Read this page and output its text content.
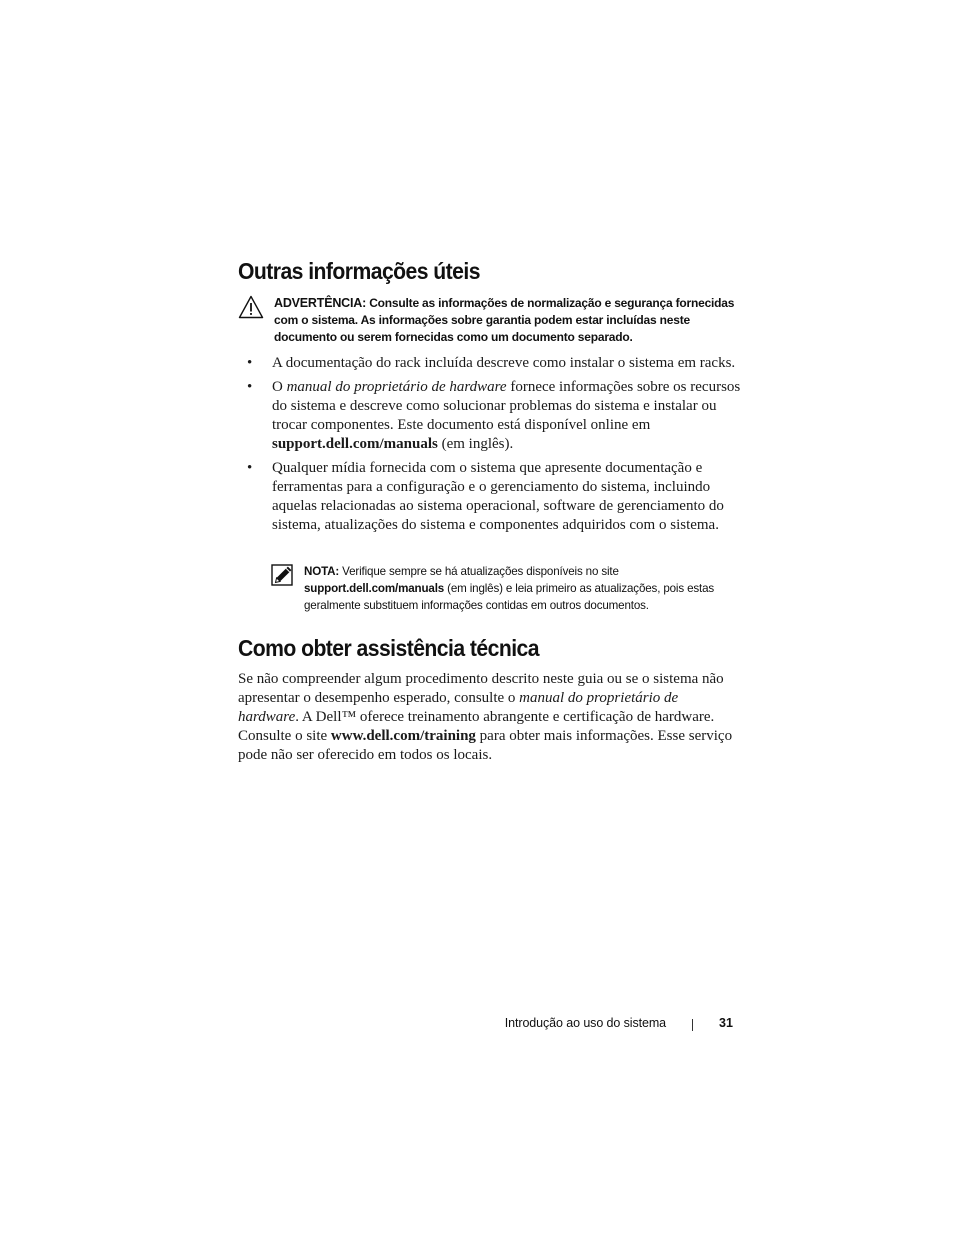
Outras informações úteis
ADVERTÊNCIA: Consulte as informações de normalização e segurança fornecidas com o sistema. As informações sobre garantia podem estar incluídas neste documento ou serem fornecidas como um documento separado.
• A documentação do rack incluída descreve como instalar o sistema em racks.
• O manual do proprietário de hardware fornece informações sobre os recursos do sistema e descreve como solucionar problemas do sistema e instalar ou trocar componentes. Este documento está disponível online em support.dell.com/manuals (em inglês).
• Qualquer mídia fornecida com o sistema que apresente documentação e ferramentas para a configuração e o gerenciamento do sistema, incluindo aquelas relacionadas ao sistema operacional, software de gerenciamento do sistema, atualizações do sistema e componentes adquiridos com o sistema.
NOTA: Verifique sempre se há atualizações disponíveis no site support.dell.com/manuals (em inglês) e leia primeiro as atualizações, pois estas geralmente substituem informações contidas em outros documentos.
Como obter assistência técnica

Se não compreender algum procedimento descrito neste guia ou se o sistema não apresentar o desempenho esperado, consulte o manual do proprietário de hardware. A Dell™ oferece treinamento abrangente e certificação de hardware. Consulte o site www.dell.com/training para obter mais informações. Esse serviço pode não ser oferecido em todos os locais.

Introdução ao uso do sistema	31
